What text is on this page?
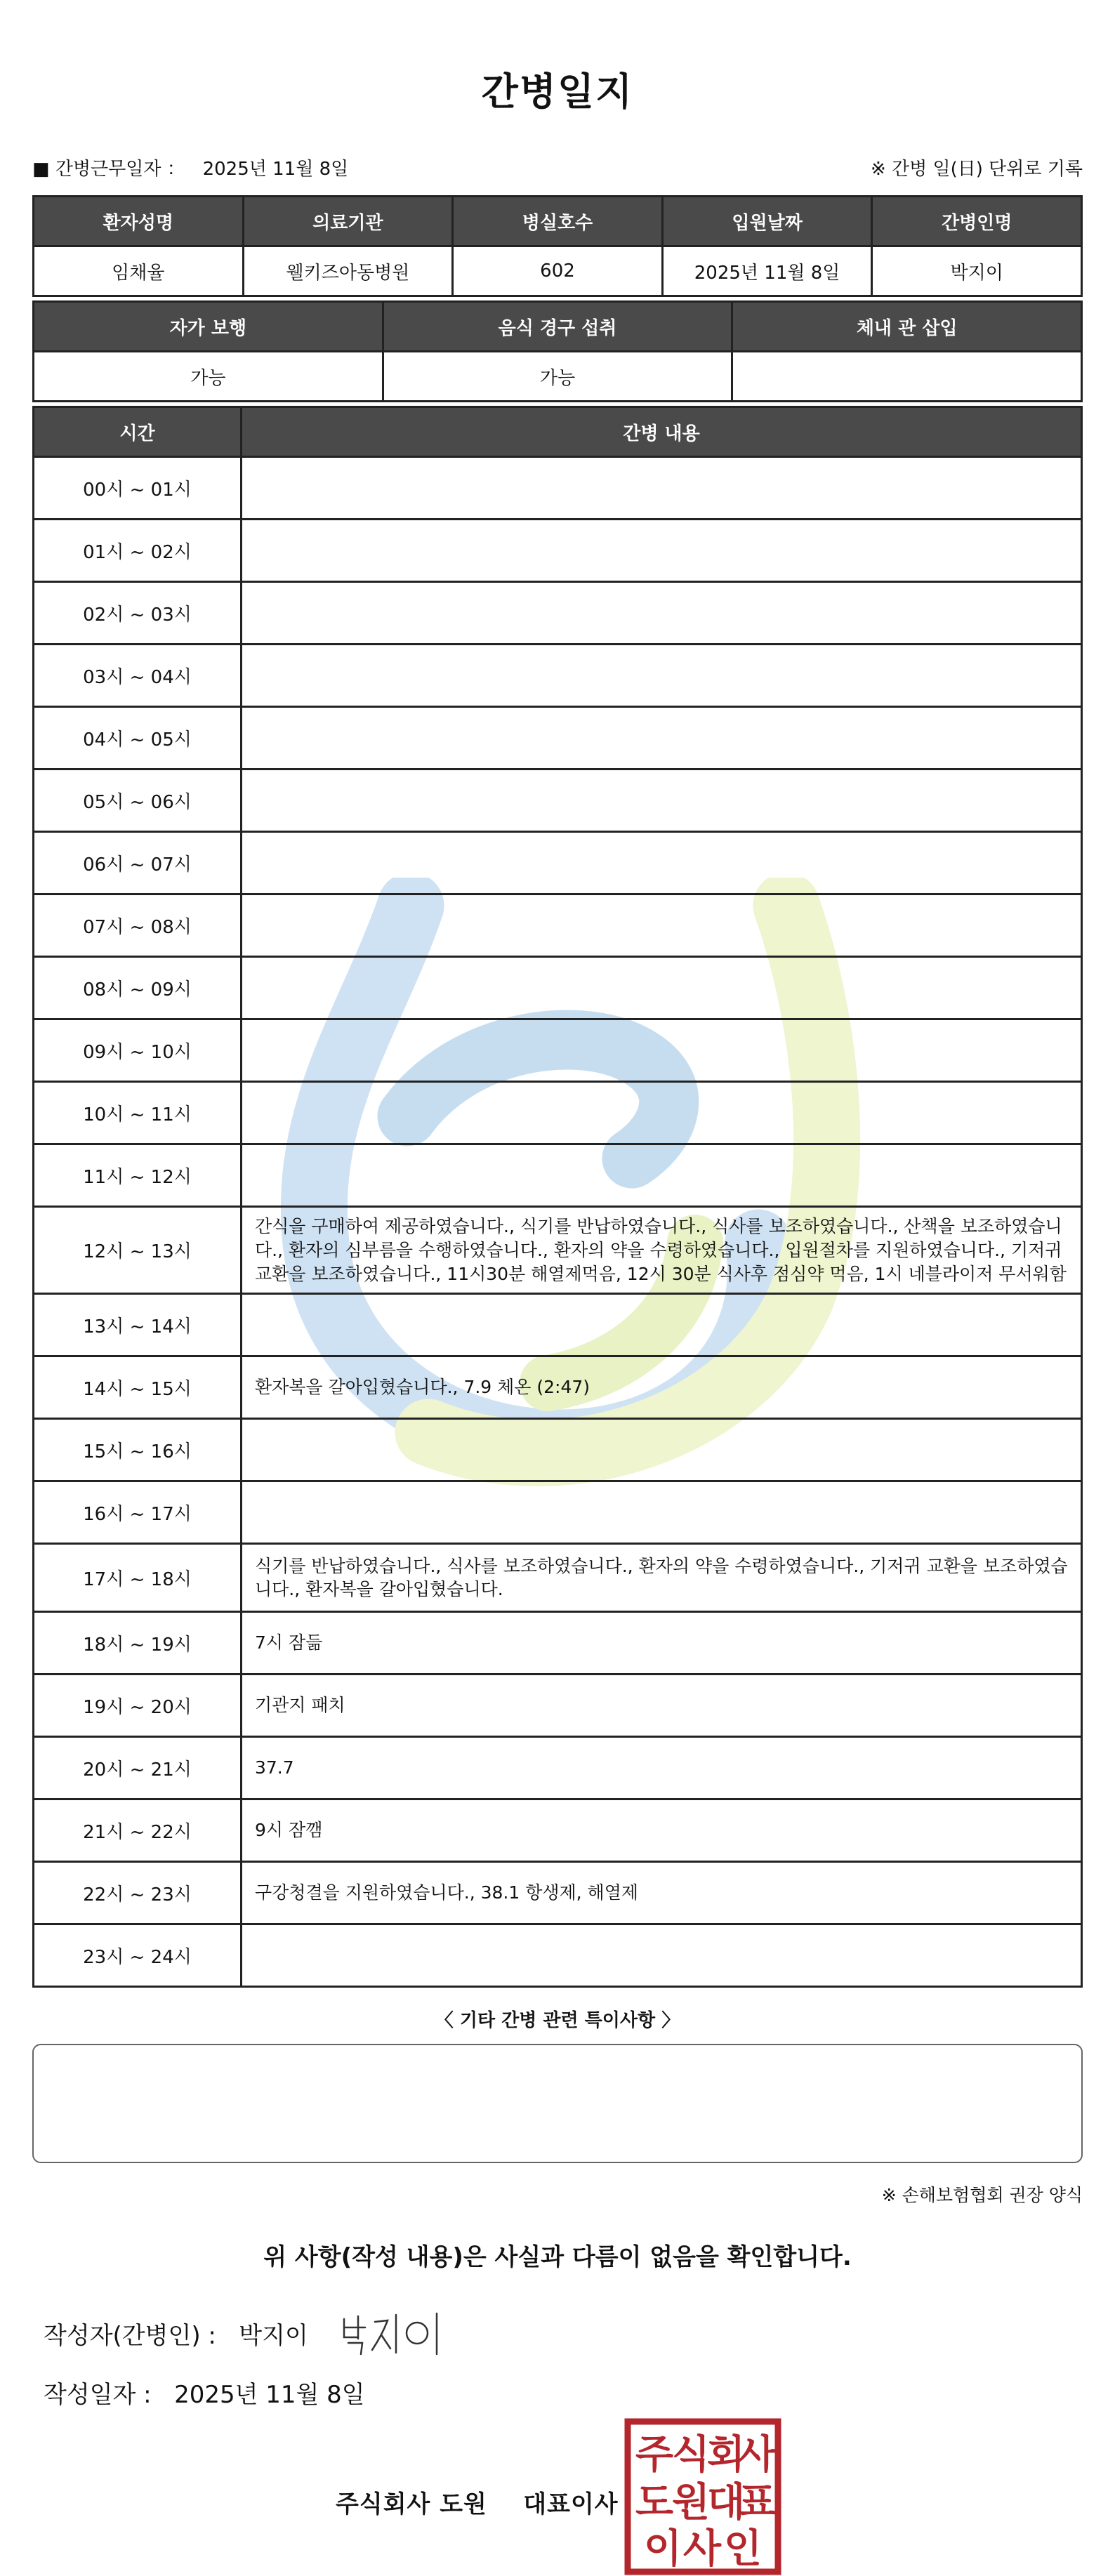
간병일지
■ 간병근무일자 ： 2025년 11월 8일	※ 간병 일(日) 단위로 기록
환자성명	의료기관	병실호수	입원날짜	간병인명
임채율	웰키즈아동병원	602	2025년 11월 8일	박지이
자가 보행	음식 경구 섭취	체내 관 삽입
가능	가능	
시간	간병 내용
00시 ~ 01시	
01시 ~ 02시	
02시 ~ 03시	
03시 ~ 04시	
04시 ~ 05시	
05시 ~ 06시	
06시 ~ 07시	
07시 ~ 08시	
08시 ~ 09시	
09시 ~ 10시	
10시 ~ 11시	
11시 ~ 12시	
12시 ~ 13시	간식을 구매하여 제공하였습니다., 식기를 반납하였습니다., 식사를 보조하였습니다., 산책을 보조하였습니다., 환자의 심부름을 수행하였습니다., 환자의 약을 수령하였습니다., 입원절차를 지원하였습니다., 기저귀 교환을 보조하였습니다., 11시30분 해열제먹음, 12시 30분 식사후 점심약 먹음, 1시 네블라이저 무서워함
13시 ~ 14시	
14시 ~ 15시	환자복을 갈아입혔습니다., 7.9 체온 (2:47)
15시 ~ 16시	
16시 ~ 17시	
17시 ~ 18시	식기를 반납하였습니다., 식사를 보조하였습니다., 환자의 약을 수령하였습니다., 기저귀 교환을 보조하였습니다., 환자복을 갈아입혔습니다.
18시 ~ 19시	7시 잠듦
19시 ~ 20시	기관지 패치
20시 ~ 21시	37.7
21시 ~ 22시	9시 잠깸
22시 ~ 23시	구강청결을 지원하였습니다., 38.1 항생제, 해열제
23시 ~ 24시	
〈 기타 간병 관련 특이사항 〉
※ 손해보험협회 권장 양식
위 사항(작성 내용)은 사실과 다름이 없음을 확인합니다.
작성자(간병인) : 박지이
작성일자 : 2025년 11월 8일
주식회사 도원 대표이사
주
식
회
사
도
원
대
표
이 사 인
